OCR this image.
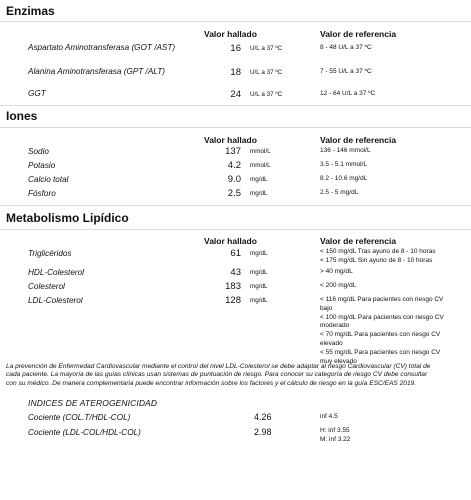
Enzimas
Valor hallado	Valor de referencia
Aspartato Aminotransferasa (GOT /AST)	16 U/L a 37 ºC	8 - 48 U/L a 37 ºC
Alanina Aminotransferasa (GPT /ALT)	18 U/L a 37 ºC	7 - 55 U/L a 37 ºC
GGT	24 U/L a 37 ºC	12 - 64 U/L a 37 ºC
Iones
Valor hallado	Valor de referencia
Sodio	137 mmol/L	136 - 146 mmol/L
Potasio	4.2 mmol/L	3.5 - 5.1 mmol/L
Calcio total	9.0 mg/dL	8.2 - 10.6 mg/dL
Fósforo	2.5 mg/dL	2.5 - 5 mg/dL
Metabolismo Lipídico
Valor hallado	Valor de referencia
Triglicéridos	61 mg/dL	< 150 mg/dL Tras ayuno de 8 - 10 horas
< 175 mg/dL Sin ayuno de 8 - 10 horas
HDL-Colesterol	43 mg/dL	> 40 mg/dL
Colesterol	183 mg/dL	< 200 mg/dL
LDL-Colesterol	128 mg/dL	< 116 mg/dL Para pacientes con riesgo CV
bajo
< 100 mg/dL Para pacientes con riesgo CV
moderado
< 70 mg/dL Para pacientes con riesgo CV
elevado
< 55 mg/dL Para pacientes con riesgo CV
muy elevado
La prevención de Enfermedad Cardiovascular mediante el control del nivel LDL-Colesterol se debe adaptar al riesgo Cardiovascular (CV) total de
cada paciente. La mayoría de las guías clínicas usan sistemas de puntuación de riesgo. Para conocer su categoría de riesgo CV debe consultar
con su médico. De manera complementaria puede encontrar información sobre los factores y el cálculo de riesgo en la guía ESC/EAS 2019.
INDICES DE ATEROGENICIDAD
Cociente (COL.T/HDL-COL)	4.26	inf 4.5
Cociente (LDL-COL/HDL-COL)	2.98	H: inf 3.55
M: inf 3.22
